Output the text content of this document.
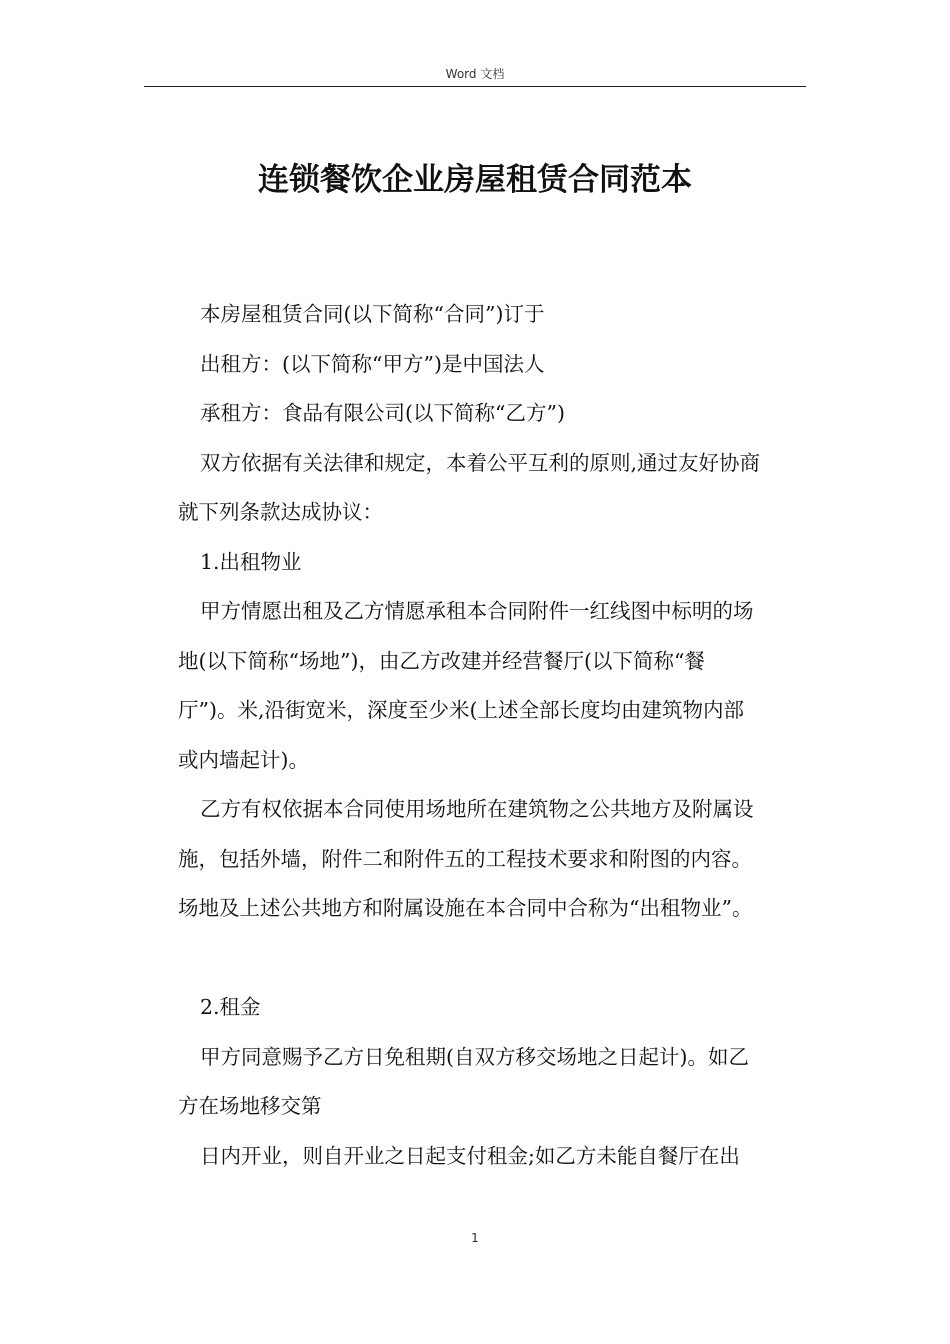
Word 文档
连锁餐饮企业房屋租赁合同范本

本房屋租赁合同(以下简称“合同”)订于

出租方：(以下简称“甲方”)是中国法人

承租方：食品有限公司(以下简称“乙方”)

双方依据有关法律和规定，本着公平互利的原则,通过友好协商

就下列条款达成协议：

1.出租物业

甲方情愿出租及乙方情愿承租本合同附件一红线图中标明的场

地(以下简称“场地”)，由乙方改建并经营餐厅(以下简称“餐

厅”)。米,沿街宽米，深度至少米(上述全部长度均由建筑物内部

或内墙起计)。

乙方有权依据本合同使用场地所在建筑物之公共地方及附属设

施，包括外墙，附件二和附件五的工程技术要求和附图的内容。

场地及上述公共地方和附属设施在本合同中合称为“出租物业”。

2.租金

甲方同意赐予乙方日免租期(自双方移交场地之日起计)。如乙

方在场地移交第

日内开业，则自开业之日起支付租金;如乙方未能自餐厅在出

1
